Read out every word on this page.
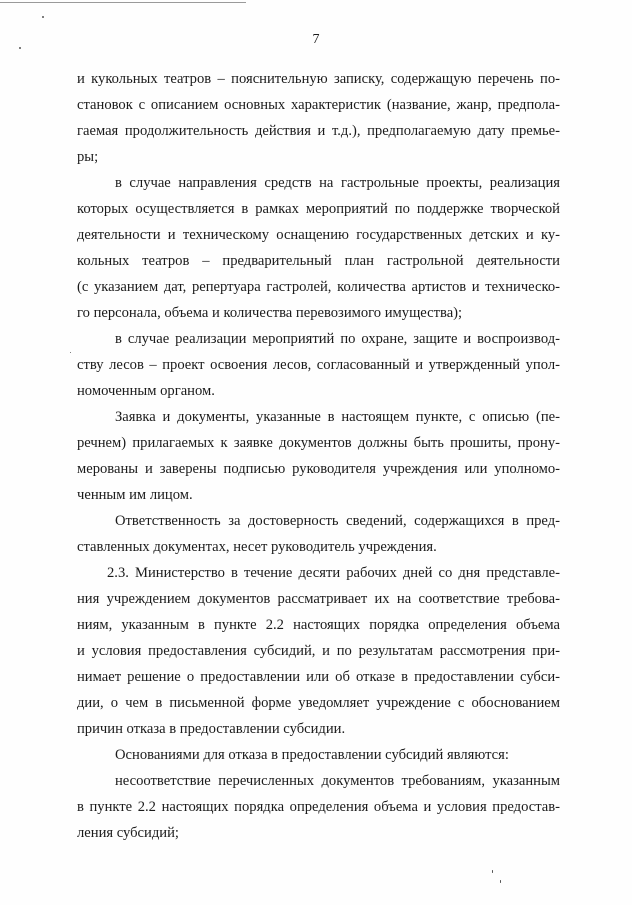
7
и кукольных театров – пояснительную записку, содержащую перечень по-
становок с описанием основных характеристик (название, жанр, предпола-
гаемая продолжительность действия и т.д.), предполагаемую дату премье-
ры;
в случае направления средств на гастрольные проекты, реализация
которых осуществляется в рамках мероприятий по поддержке творческой
деятельности и техническому оснащению государственных детских и ку-
кольных театров – предварительный план гастрольной деятельности
(с указанием дат, репертуара гастролей, количества артистов и техническо-
го персонала, объема и количества перевозимого имущества);
в случае реализации мероприятий по охране, защите и воспроизвод-
ству лесов – проект освоения лесов, согласованный и утвержденный упол-
номоченным органом.
Заявка и документы, указанные в настоящем пункте, с описью (пе-
речнем) прилагаемых к заявке документов должны быть прошиты, прону-
мерованы и заверены подписью руководителя учреждения или уполномо-
ченным им лицом.
Ответственность за достоверность сведений, содержащихся в пред-
ставленных документах, несет руководитель учреждения.
2.3. Министерство в течение десяти рабочих дней со дня представле-
ния учреждением документов рассматривает их на соответствие требова-
ниям, указанным в пункте 2.2 настоящих порядка определения объема
и условия предоставления субсидий, и по результатам рассмотрения при-
нимает решение о предоставлении или об отказе в предоставлении субси-
дии, о чем в письменной форме уведомляет учреждение с обоснованием
причин отказа в предоставлении субсидии.
Основаниями для отказа в предоставлении субсидий являются:
несоответствие перечисленных документов требованиям, указанным
в пункте 2.2 настоящих порядка определения объема и условия предостав-
ления субсидий;
